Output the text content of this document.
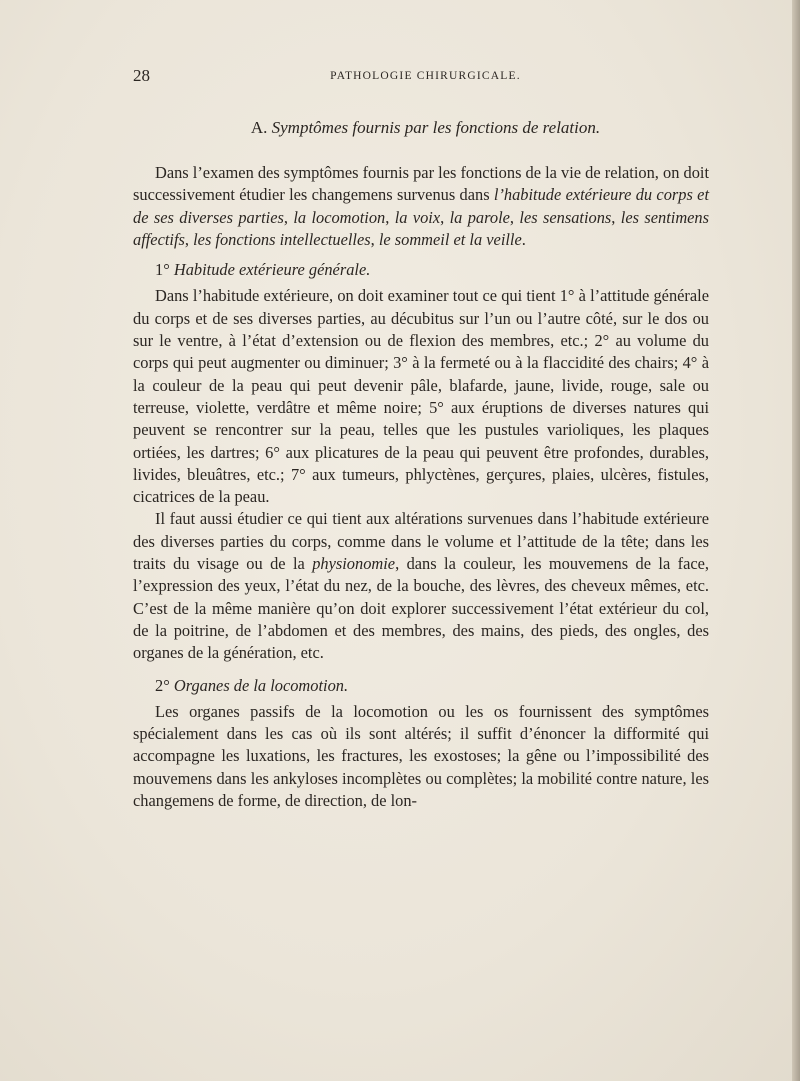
28	PATHOLOGIE CHIRURGICALE.
A. Symptômes fournis par les fonctions de relation.

Dans l’examen des symptômes fournis par les fonctions de la vie de relation, on doit successivement étudier les changemens survenus dans l’habitude extérieure du corps et de ses diverses parties, la locomotion, la voix, la parole, les sensations, les sentimens affectifs, les fonctions intellectuelles, le sommeil et la veille.

1° Habitude extérieure générale.

Dans l’habitude extérieure, on doit examiner tout ce qui tient 1° à l’attitude générale du corps et de ses diverses parties, au décubitus sur l’un ou l’autre côté, sur le dos ou sur le ventre, à l’état d’extension ou de flexion des membres, etc.; 2° au volume du corps qui peut augmenter ou diminuer; 3° à la fermeté ou à la flaccidité des chairs; 4° à la couleur de la peau qui peut devenir pâle, blafarde, jaune, livide, rouge, sale ou terreuse, violette, verdâtre et même noire; 5° aux éruptions de diverses natures qui peuvent se rencontrer sur la peau, telles que les pustules varioliques, les plaques ortiées, les dartres; 6° aux plicatures de la peau qui peuvent être profondes, durables, livides, bleuâtres, etc.; 7° aux tumeurs, phlyctènes, gerçures, plaies, ulcères, fistules, cicatrices de la peau.

Il faut aussi étudier ce qui tient aux altérations survenues dans l’habitude extérieure des diverses parties du corps, comme dans le volume et l’attitude de la tête; dans les traits du visage ou de la physionomie, dans la couleur, les mouvemens de la face, l’expression des yeux, l’état du nez, de la bouche, des lèvres, des cheveux mêmes, etc. C’est de la même manière qu’on doit explorer successivement l’état extérieur du col, de la poitrine, de l’abdomen et des membres, des mains, des pieds, des ongles, des organes de la génération, etc.

2° Organes de la locomotion.

Les organes passifs de la locomotion ou les os fournissent des symptômes spécialement dans les cas où ils sont altérés; il suffit d’énoncer la difformité qui accompagne les luxations, les fractures, les exostoses; la gêne ou l’impossibilité des mouvemens dans les ankyloses incomplètes ou complètes; la mobilité contre nature, les changemens de forme, de direction, de lon-
